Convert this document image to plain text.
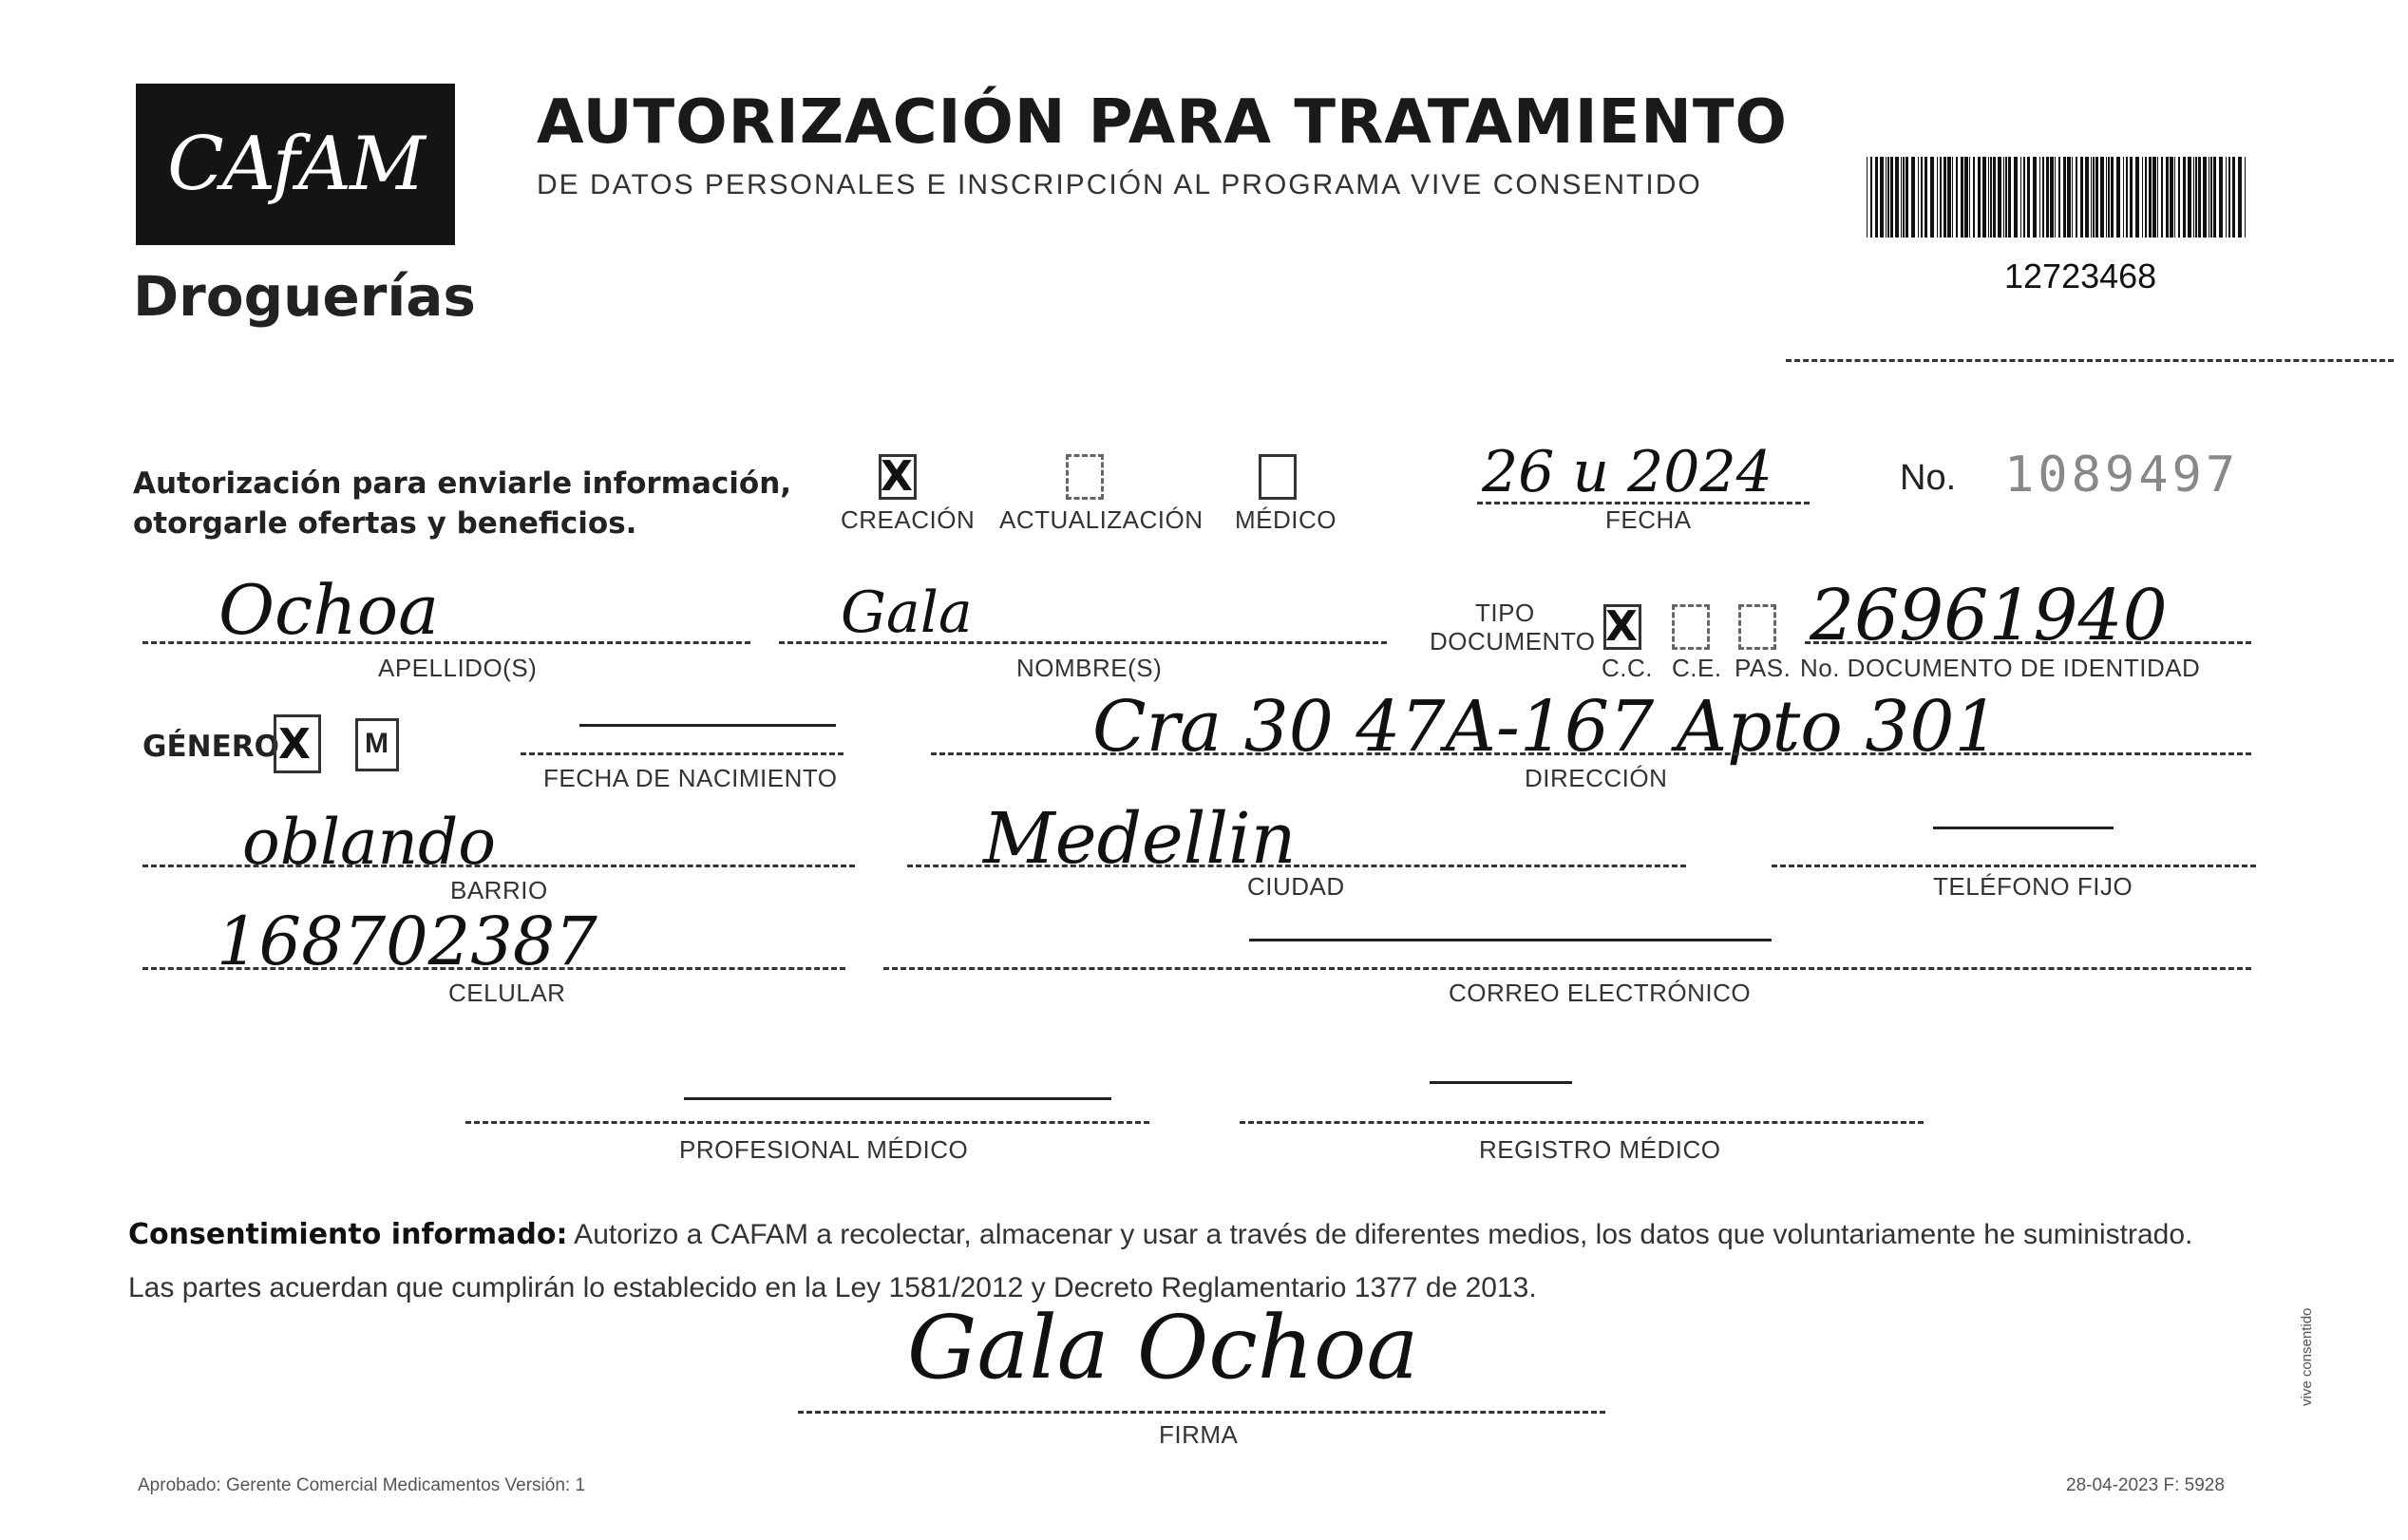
CAfAM
Droguerías
AUTORIZACIÓN PARA TRATAMIENTO
DE DATOS PERSONALES E INSCRIPCIÓN AL PROGRAMA VIVE CONSENTIDO
12723468
Autorización para enviarle información,
otorgarle ofertas y beneficios.
X
CREACIÓN ACTUALIZACIÓN MÉDICO
26 u 2024
FECHA
No. 1089497
Ochoa
APELLIDO(S)
Gala
NOMBRE(S)
TIPO
DOCUMENTO X
C.C. C.E. PAS.
26961940
No. DOCUMENTO DE IDENTIDAD
GÉNERO X M
FECHA DE NACIMIENTO
Cra 30 47A-167 Apto 301
DIRECCIÓN
oblando
BARRIO
Medellin
CIUDAD	TELÉFONO FIJO
168702387
CELULAR	CORREO ELECTRÓNICO
PROFESIONAL MÉDICO	REGISTRO MÉDICO
Consentimiento informado: Autorizo a CAFAM a recolectar, almacenar y usar a través de diferentes medios, los datos que voluntariamente he suministrado.
Las partes acuerdan que cumplirán lo establecido en la Ley 1581/2012 y Decreto Reglamentario 1377 de 2013.
Gala Ochoa
FIRMA
Aprobado: Gerente Comercial Medicamentos Versión: 1	28-04-2023 F: 5928
vive consentido
